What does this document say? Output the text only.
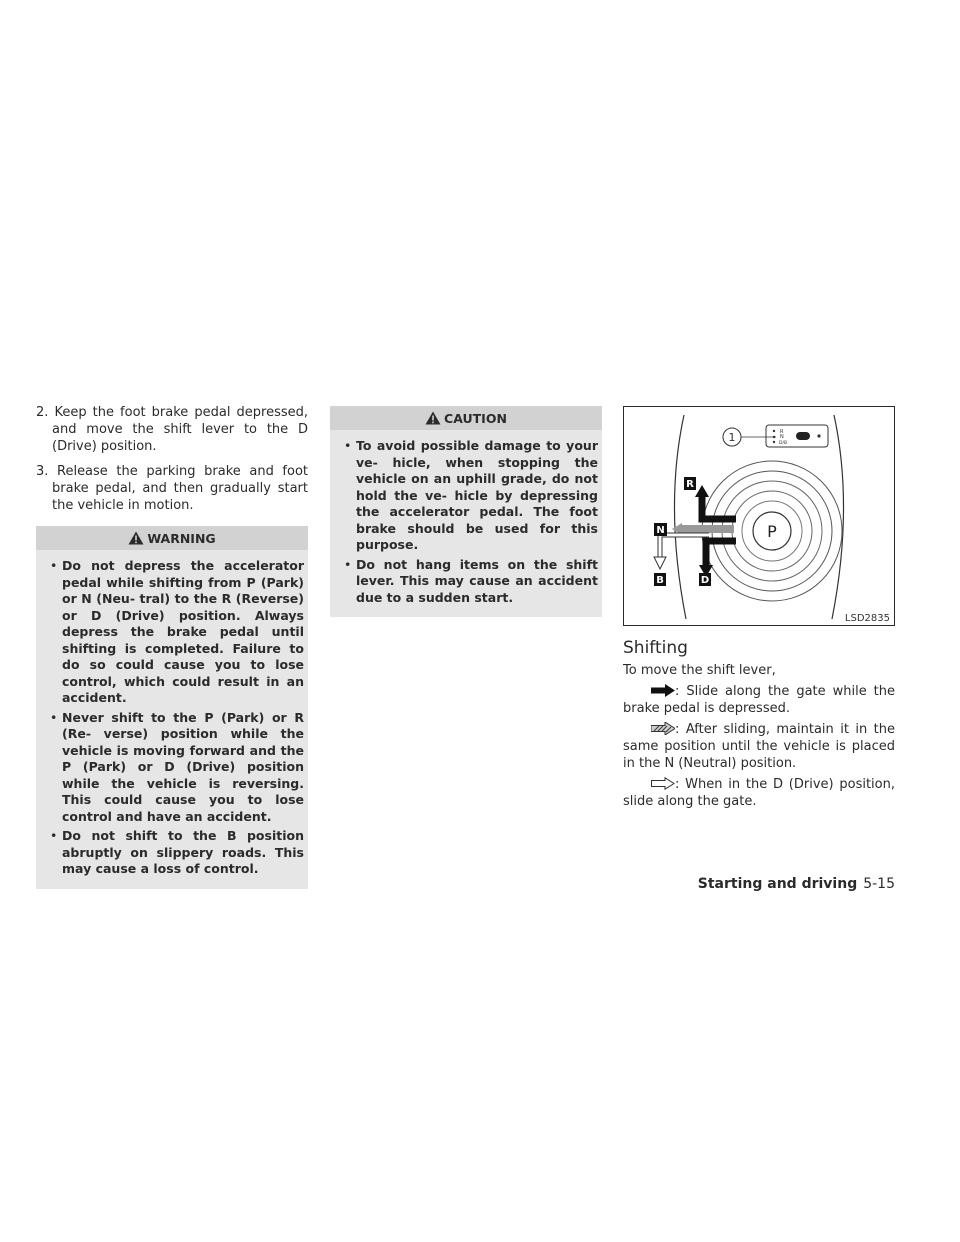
2. Keep the foot brake pedal depressed, and move the shift lever to the D (Drive) position.

3. Release the parking brake and foot brake pedal, and then gradually start the vehicle in motion.

WARNING
• Do not depress the accelerator pedal while shifting from P (Park) or N (Neu- tral) to the R (Reverse) or D (Drive) position. Always depress the brake pedal until shifting is completed. Failure to do so could cause you to lose control, which could result in an accident.
• Never shift to the P (Park) or R (Re- verse) position while the vehicle is moving forward and the P (Park) or D (Drive) position while the vehicle is reversing. This could cause you to lose control and have an accident.
• Do not shift to the B position abruptly on slippery roads. This may cause a loss of control.
CAUTION
• To avoid possible damage to your ve- hicle, when stopping the vehicle on an uphill grade, do not hold the ve- hicle by depressing the accelerator pedal. The foot brake should be used for this purpose.
• Do not hang items on the shift lever. This may cause an accident due to a sudden start.
R
N
D/B
1
P
R
N
B	D
LSD2835
Shifting

To move the shift lever,

: Slide along the gate while the brake pedal is depressed.

: After sliding, maintain it in the same position until the vehicle is placed in the N (Neutral) position.

: When in the D (Drive) position, slide along the gate.

Starting and driving 5-15
